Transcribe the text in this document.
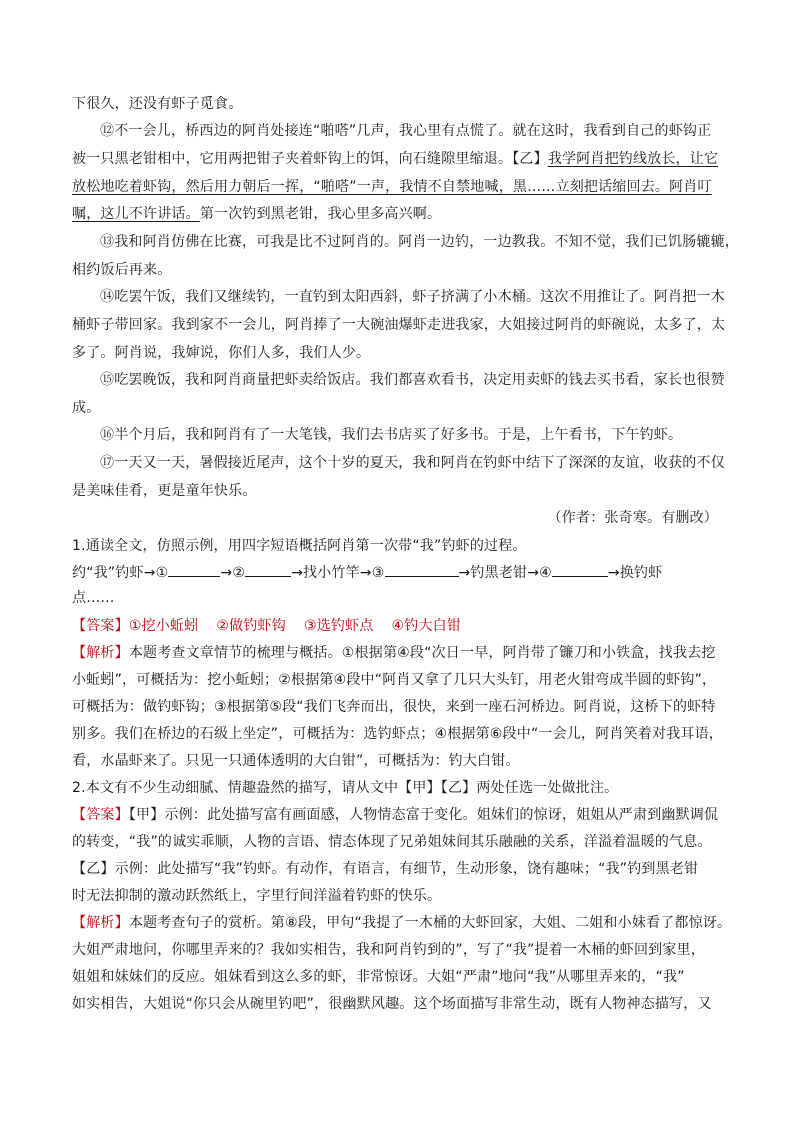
下很久，还没有虾子觅食。
⑫不一会儿，桥西边的阿肖处接连“啪嗒”几声，我心里有点慌了。就在这时，我看到自己的虾钩正
被一只黑老钳相中，它用两把钳子夹着虾钩上的饵，向石缝隙里缩退。【乙】我学阿肖把钓线放长，让它
放松地吃着虾钩，然后用力朝后一挥，“啪嗒”一声，我情不自禁地喊，黑……立刻把话缩回去。阿肖叮
嘱，这儿不许讲话。第一次钓到黑老钳，我心里多高兴啊。
⑬我和阿肖仿佛在比赛，可我是比不过阿肖的。阿肖一边钓，一边教我。不知不觉，我们已饥肠辘辘，
相约饭后再来。
⑭吃罢午饭，我们又继续钓，一直钓到太阳西斜，虾子挤满了小木桶。这次不用推让了。阿肖把一木
桶虾子带回家。我到家不一会儿，阿肖捧了一大碗油爆虾走进我家，大姐接过阿肖的虾碗说，太多了，太
多了。阿肖说，我婶说，你们人多，我们人少。
⑮吃罢晚饭，我和阿肖商量把虾卖给饭店。我们都喜欢看书，决定用卖虾的钱去买书看，家长也很赞
成。
⑯半个月后，我和阿肖有了一大笔钱，我们去书店买了好多书。于是，上午看书，下午钓虾。
⑰一天又一天，暑假接近尾声，这个十岁的夏天，我和阿肖在钓虾中结下了深深的友谊，收获的不仅
是美味佳肴，更是童年快乐。
（作者：张奇寒。有删改）
1.通读全文，仿照示例，用四字短语概括阿肖第一次带“我”钓虾的过程。
约“我”钓虾→①	→②	→找小竹竿→③	→钓黑老钳→④	→换钓虾
点……
【答案】①挖小蚯蚓 ②做钓虾钩 ③选钓虾点 ④钓大白钳
【解析】本题考查文章情节的梳理与概括。①根据第④段“次日一早，阿肖带了镰刀和小铁盒，找我去挖
小蚯蚓”，可概括为：挖小蚯蚓；②根据第④段中“阿肖又拿了几只大头钉，用老火钳弯成半圆的虾钩”，
可概括为：做钓虾钩；③根据第⑤段“我们飞奔而出，很快，来到一座石河桥边。阿肖说，这桥下的虾特
别多。我们在桥边的石级上坐定”，可概括为：选钓虾点；④根据第⑥段中“一会儿，阿肖笑着对我耳语，
看，水晶虾来了。只见一只通体透明的大白钳”，可概括为：钓大白钳。
2.本文有不少生动细腻、情趣盎然的描写，请从文中【甲】【乙】两处任选一处做批注。
【答案】【甲】示例：此处描写富有画面感，人物情态富于变化。姐妹们的惊讶，姐姐从严肃到幽默调侃
的转变，“我”的诚实乖顺，人物的言语、情态体现了兄弟姐妹间其乐融融的关系，洋溢着温暖的气息。
【乙】示例：此处描写“我”钓虾。有动作，有语言，有细节，生动形象，饶有趣味；“我”钓到黑老钳
时无法抑制的激动跃然纸上，字里行间洋溢着钓虾的快乐。
【解析】本题考查句子的赏析。第⑧段，甲句“我提了一木桶的大虾回家，大姐、二姐和小妹看了都惊讶。
大姐严肃地问，你哪里弄来的？我如实相告，我和阿肖钓到的”，写了“我”提着一木桶的虾回到家里，
姐姐和妹妹们的反应。姐妹看到这么多的虾，非常惊讶。大姐“严肃”地问“我”从哪里弄来的，“我”
如实相告，大姐说“你只会从碗里钓吧”，很幽默风趣。这个场面描写非常生动，既有人物神态描写，又
